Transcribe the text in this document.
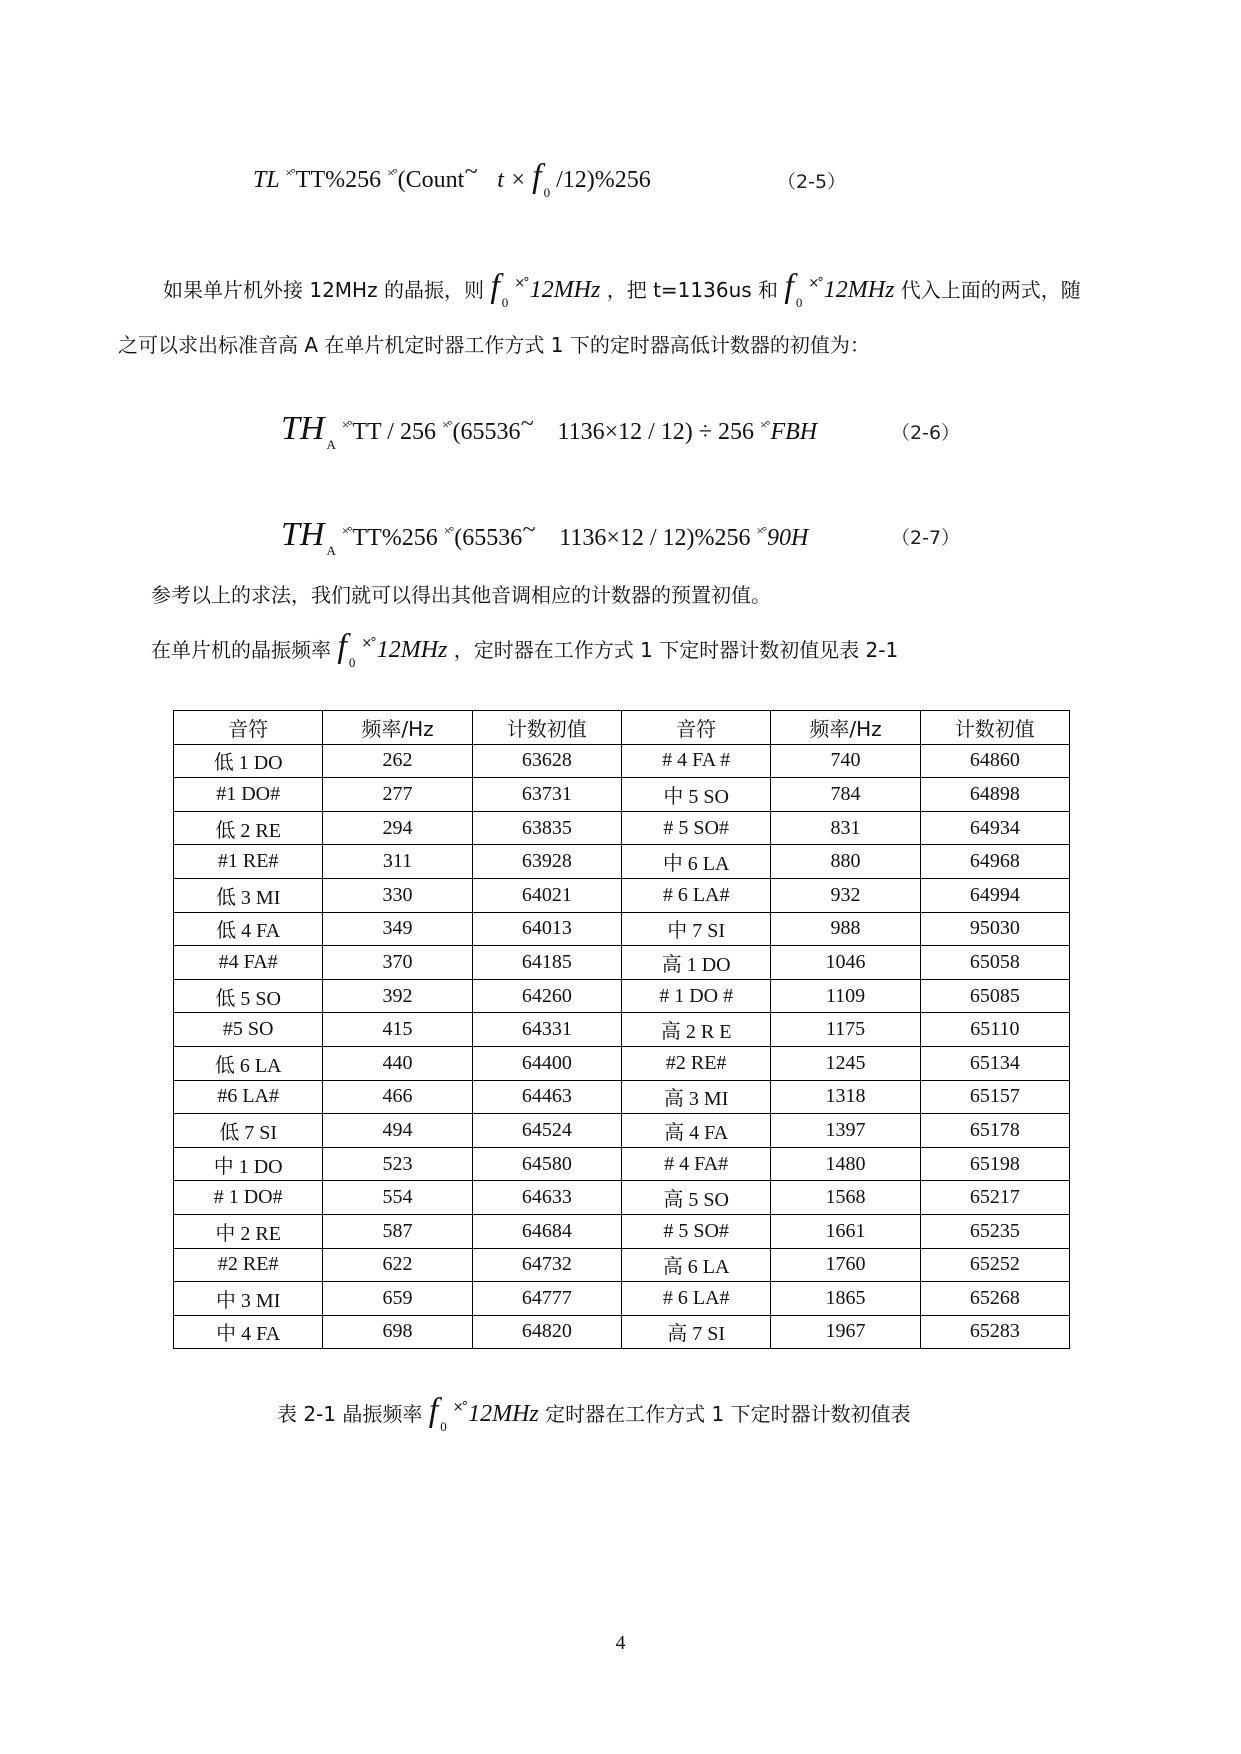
TL ×°TT%256 ×°(Count~ t × f $_0$ /12)%256	（2-5）
如果单片机外接 12MHz 的晶振，则 f $_0$×°12MHz ，把 t=1136us 和 f $_0$×°12MHz 代入上面的两式，随
之可以求出标准音高 A 在单片机定时器工作方式 1 下的定时器高低计数器的初值为：
TH $_A$×°TT / 256 ×°(65536~ 1136×12 / 12) ÷ 256 ×°FBH	（2-6）
TH $_A$×°TT%256 ×°(65536~ 1136×12 / 12)%256 ×°90H	（2-7）
参考以上的求法，我们就可以得出其他音调相应的计数器的预置初值。
在单片机的晶振频率 f $_0$×°12MHz ，定时器在工作方式 1 下定时器计数初值见表 2-1
音符	频率/Hz	计数初值	音符	频率/Hz	计数初值
低 1 DO	262	63628	# 4 FA #	740	64860
#1 DO#	277	63731	中 5 SO	784	64898
低 2 RE	294	63835	# 5 SO#	831	64934
#1 RE#	311	63928	中 6 LA	880	64968
低 3 MI	330	64021	# 6 LA#	932	64994
低 4 FA	349	64013	中 7 SI	988	95030
#4 FA#	370	64185	高 1 DO	1046	65058
低 5 SO	392	64260	# 1 DO #	1109	65085
#5 SO	415	64331	高 2 R E	1175	65110
低 6 LA	440	64400	#2 RE#	1245	65134
#6 LA#	466	64463	高 3 MI	1318	65157
低 7 SI	494	64524	高 4 FA	1397	65178
中 1 DO	523	64580	# 4 FA#	1480	65198
# 1 DO#	554	64633	高 5 SO	1568	65217
中 2 RE	587	64684	# 5 SO#	1661	65235
#2 RE#	622	64732	高 6 LA	1760	65252
中 3 MI	659	64777	# 6 LA#	1865	65268
中 4 FA	698	64820	高 7 SI	1967	65283
表 2-1 晶振频率 f $_0$×°12MHz 定时器在工作方式 1 下定时器计数初值表
4
